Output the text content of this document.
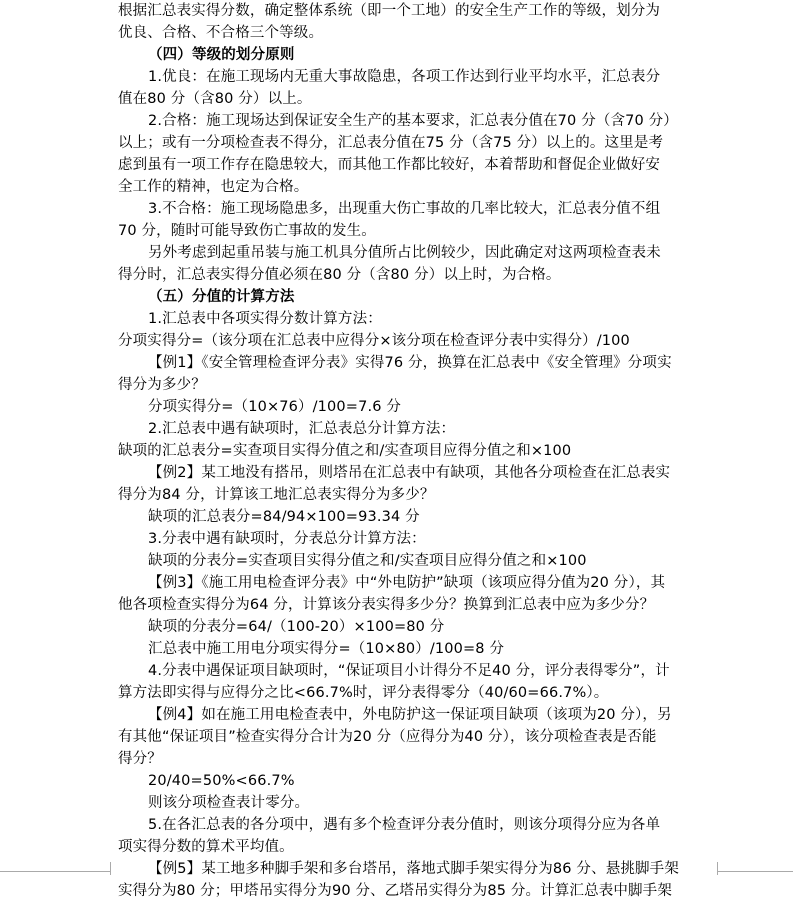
根据汇总表实得分数，确定整体系统（即一个工地）的安全生产工作的等级，划分为

优良、合格、不合格三个等级。

（四）等级的划分原则

1.优良：在施工现场内无重大事故隐患，各项工作达到行业平均水平，汇总表分

值在80 分（含80 分）以上。

2.合格：施工现场达到保证安全生产的基本要求，汇总表分值在70 分（含70 分）

以上；或有一分项检查表不得分，汇总表分值在75 分（含75 分）以上的。这里是考

虑到虽有一项工作存在隐患较大，而其他工作都比较好，本着帮助和督促企业做好安

全工作的精神，也定为合格。

3.不合格：施工现场隐患多，出现重大伤亡事故的几率比较大，汇总表分值不组

70 分，随时可能导致伤亡事故的发生。

另外考虑到起重吊装与施工机具分值所占比例较少，因此确定对这两项检查表未

得分时，汇总表实得分值必须在80 分（含80 分）以上时，为合格。

（五）分值的计算方法

1.汇总表中各项实得分数计算方法：

分项实得分=（该分项在汇总表中应得分×该分项在检查评分表中实得分）/100

【例1】《安全管理检查评分表》实得76 分，换算在汇总表中《安全管理》分项实

得分为多少？

分项实得分=（10×76）/100=7.6 分

2.汇总表中遇有缺项时，汇总表总分计算方法：

缺项的汇总表分=实查项目实得分值之和/实查项目应得分值之和×100

【例2】某工地没有搭吊，则塔吊在汇总表中有缺项，其他各分项检查在汇总表实

得分为84 分，计算该工地汇总表实得分为多少？

缺项的汇总表分=84/94×100=93.34 分

3.分表中遇有缺项时，分表总分计算方法：

缺项的分表分=实查项目实得分值之和/实查项目应得分值之和×100

【例3】《施工用电检查评分表》中“外电防护”缺项（该项应得分值为20 分），其

他各项检查实得分为64 分，计算该分表实得多少分？换算到汇总表中应为多少分？

缺项的分表分=64/（100-20）×100=80 分

汇总表中施工用电分项实得分=（10×80）/100=8 分

4.分表中遇保证项目缺项时，“保证项目小计得分不足40 分，评分表得零分”，计

算方法即实得与应得分之比<66.7%时，评分表得零分（40/60=66.7%）。

【例4】如在施工用电检查表中，外电防护这一保证项目缺项（该项为20 分），另

有其他“保证项目”检查实得分合计为20 分（应得分为40 分），该分项检查表是否能

得分？

20/40=50%<66.7%

则该分项检查表计零分。

5.在各汇总表的各分项中，遇有多个检查评分表分值时，则该分项得分应为各单

项实得分数的算术平均值。

【例5】某工地多种脚手架和多台塔吊，落地式脚手架实得分为86 分、悬挑脚手架

实得分为80 分；甲塔吊实得分为90 分、乙塔吊实得分为85 分。计算汇总表中脚手架
